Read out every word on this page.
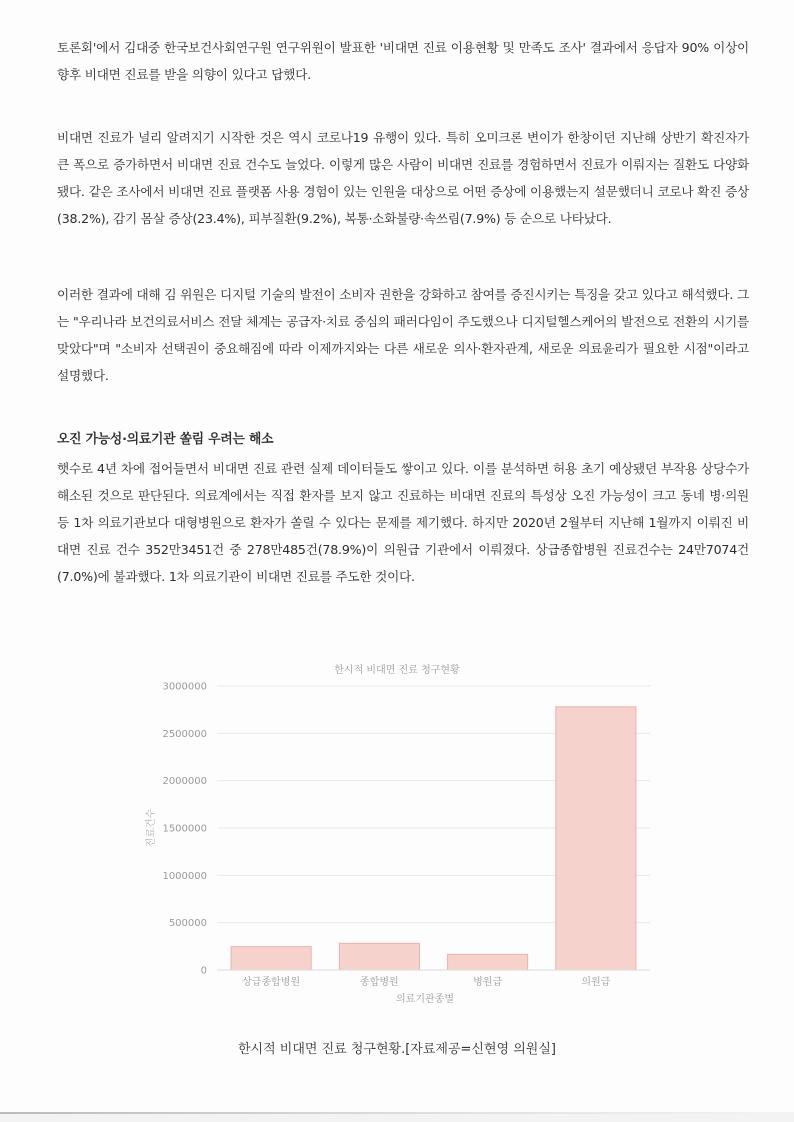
토론회'에서 김대중 한국보건사회연구원 연구위원이 발표한 '비대면 진료 이용현황 및 만족도 조사' 결과에서 응답자 90% 이상이 향후 비대면 진료를 받을 의향이 있다고 답했다.

비대면 진료가 널리 알려지기 시작한 것은 역시 코로나19 유행이 있다. 특히 오미크론 변이가 한창이던 지난해 상반기 확진자가 큰 폭으로 증가하면서 비대면 진료 건수도 늘었다. 이렇게 많은 사람이 비대면 진료를 경험하면서 진료가 이뤄지는 질환도 다양화됐다. 같은 조사에서 비대면 진료 플랫폼 사용 경험이 있는 인원을 대상으로 어떤 증상에 이용했는지 설문했더니 코로나 확진 증상(38.2%), 감기 몸살 증상(23.4%), 피부질환(9.2%), 복통·소화불량·속쓰림(7.9%) 등 순으로 나타났다.

이러한 결과에 대해 김 위원은 디지털 기술의 발전이 소비자 권한을 강화하고 참여를 증진시키는 특징을 갖고 있다고 해석했다. 그는 "우리나라 보건의료서비스 전달 체계는 공급자·치료 중심의 패러다임이 주도했으나 디지털헬스케어의 발전으로 전환의 시기를 맞았다"며 "소비자 선택권이 중요해짐에 따라 이제까지와는 다른 새로운 의사·환자관계, 새로운 의료윤리가 필요한 시점"이라고 설명했다.

오진 가능성·의료기관 쏠림 우려는 해소

햇수로 4년 차에 접어들면서 비대면 진료 관련 실제 데이터들도 쌓이고 있다. 이를 분석하면 허용 초기 예상됐던 부작용 상당수가 해소된 것으로 판단된다. 의료계에서는 직접 환자를 보지 않고 진료하는 비대면 진료의 특성상 오진 가능성이 크고 동네 병·의원 등 1차 의료기관보다 대형병원으로 환자가 쏠릴 수 있다는 문제를 제기했다. 하지만 2020년 2월부터 지난해 1월까지 이뤄진 비대면 진료 건수 352만3451건 중 278만485건(78.9%)이 의원급 기관에서 이뤄졌다. 상급종합병원 진료건수는 24만7074건(7.0%)에 불과했다. 1차 의료기관이 비대면 진료를 주도한 것이다.

한시적 비대면 진료 청구현황
0
500000
1000000
1500000
2000000
2500000
3000000
상급종합병원	종합병원	병원급	의원급
의료기관종별
진료건수
한시적 비대면 진료 청구현황.[자료제공=신현영 의원실]
